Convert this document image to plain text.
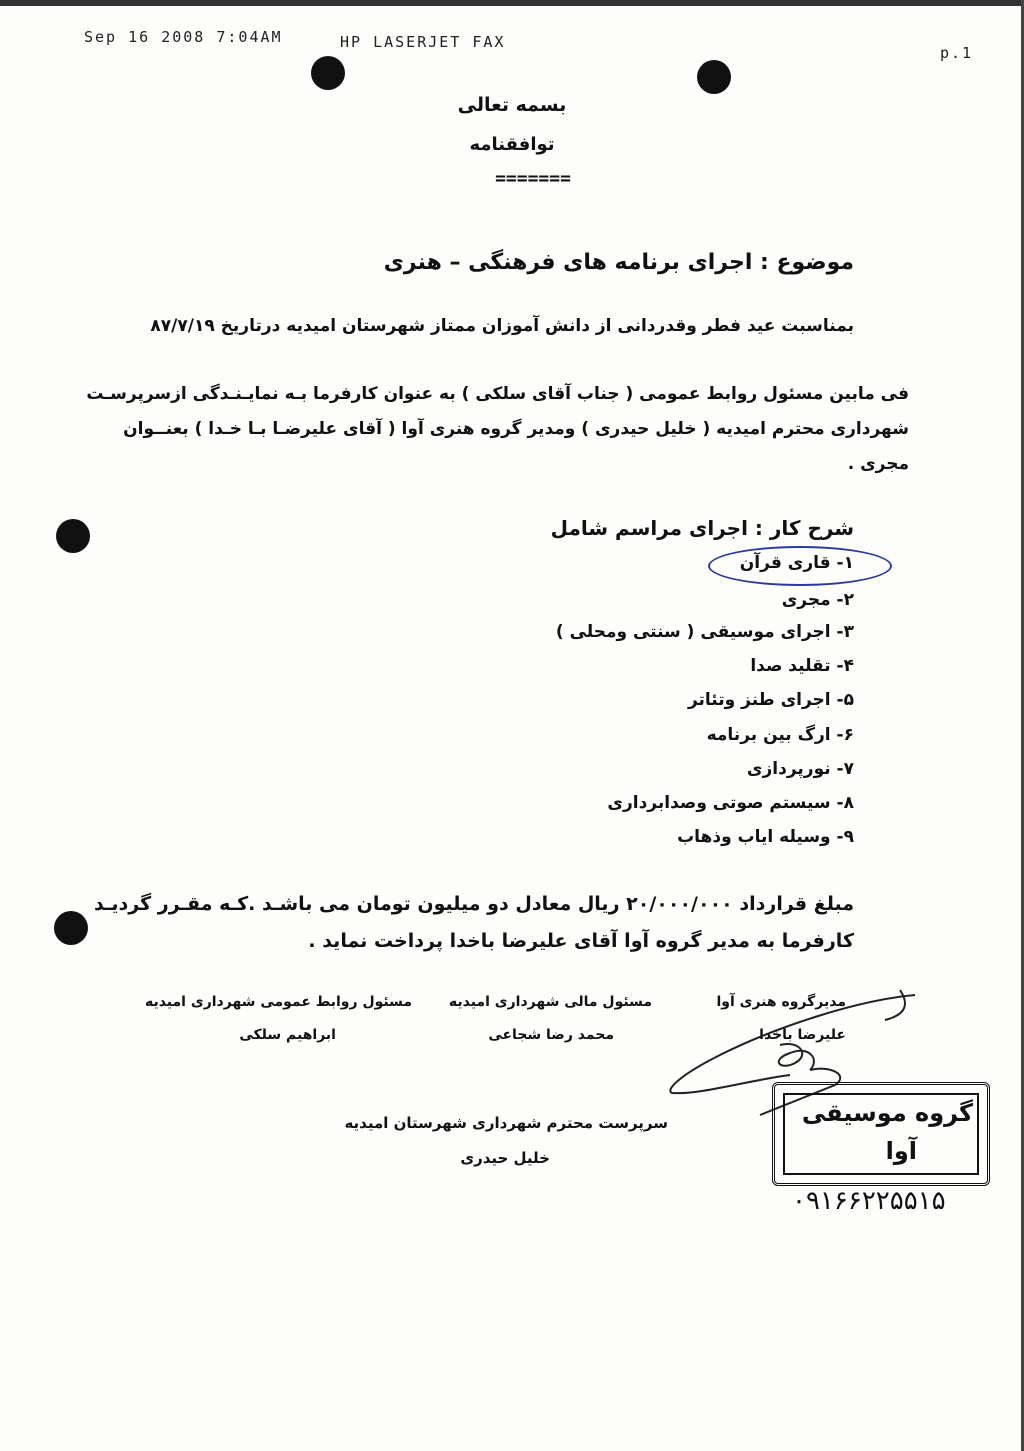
Sep 16 2008 7:04AM	HP LASERJET FAX
p.1
بسمه تعالی
توافقنامه
=======
موضوع : اجرای برنامه های فرهنگی – هنری
بمناسبت عید فطر وقدردانی از دانش آموزان ممتاز شهرستان امیدیه درتاریخ ۸۷/۷/۱۹
فی مابین مسئول روابط عمومی ( جناب آقای سلکی ) به عنوان کارفرما بـه نمایـنـدگی ازسرپرسـت
شهرداری محترم امیدیه ( خلیل حیدری ) ومدیر گروه هنری آوا ( آقای علیرضـا بـا خـدا ) بعنــوان
مجری .
شرح کار : اجرای مراسم شامل
۱- قاری قرآن
۲- مجری
۳- اجرای موسیقی ( سنتی ومحلی )
۴- تقلید صدا
۵- اجرای طنز وتئاتر
۶- ارگ بین برنامه
۷- نورپردازی
۸- سیستم صوتی وصدابرداری
۹- وسیله ایاب وذهاب
مبلغ قرارداد ۲۰/۰۰۰/۰۰۰ ریال معادل دو میلیون تومان می باشـد .کـه مقـرر گردیـد
کارفرما به مدیر گروه آوا آقای علیرضا باخدا پرداخت نماید .
مسئول روابط عمومی شهرداری امیدیه
ابراهیم سلکی
مسئول مالی شهرداری امیدیه
محمد رضا شجاعی
مدیرگروه هنری آوا
علیرضا باخدا
سرپرست محترم شهرداری شهرستان امیدیه
خلیل حیدری
گروه موسیقی
آوا
۰۹۱۶۶۲۲۵۵۱۵
